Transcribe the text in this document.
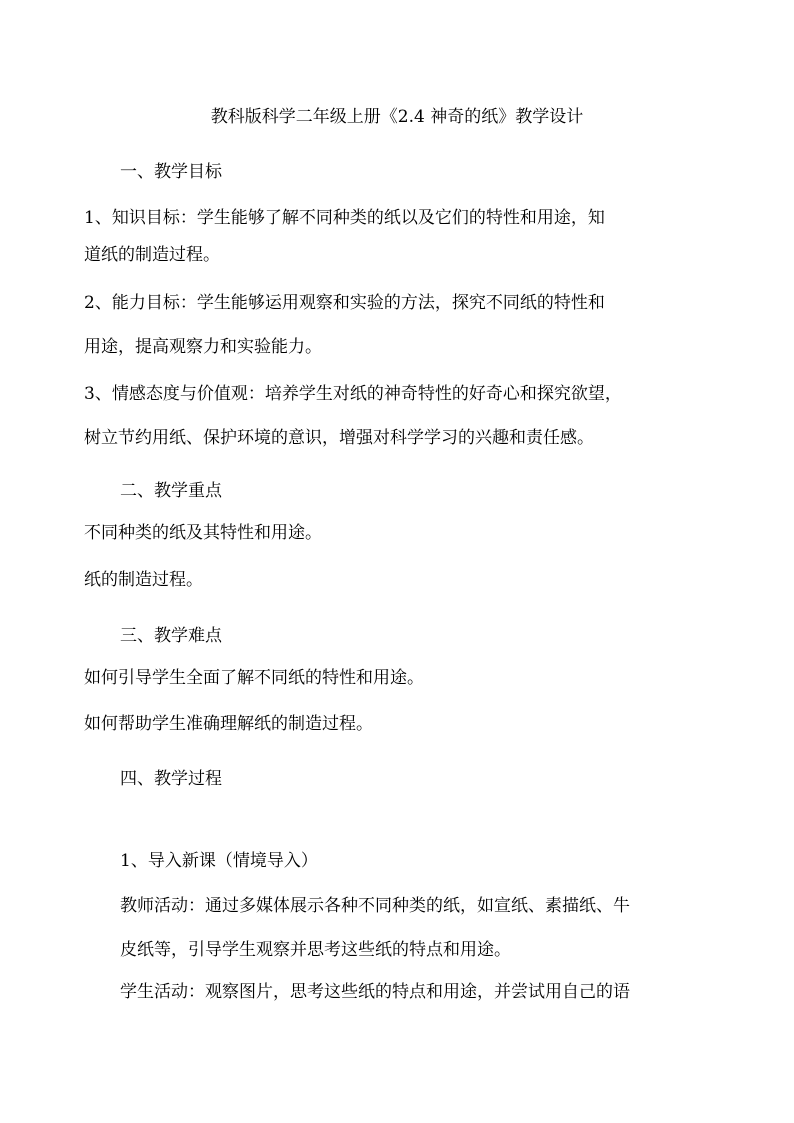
教科版科学二年级上册《2.4 神奇的纸》教学设计
一、教学目标
1、知识目标：学生能够了解不同种类的纸以及它们的特性和用途，知
道纸的制造过程。
2、能力目标：学生能够运用观察和实验的方法，探究不同纸的特性和
用途，提高观察力和实验能力。
3、情感态度与价值观：培养学生对纸的神奇特性的好奇心和探究欲望，
树立节约用纸、保护环境的意识，增强对科学学习的兴趣和责任感。
二、教学重点
不同种类的纸及其特性和用途。
纸的制造过程。
三、教学难点
如何引导学生全面了解不同纸的特性和用途。
如何帮助学生准确理解纸的制造过程。
四、教学过程
1、导入新课（情境导入）
教师活动：通过多媒体展示各种不同种类的纸，如宣纸、素描纸、牛
皮纸等，引导学生观察并思考这些纸的特点和用途。
学生活动：观察图片，思考这些纸的特点和用途，并尝试用自己的语
